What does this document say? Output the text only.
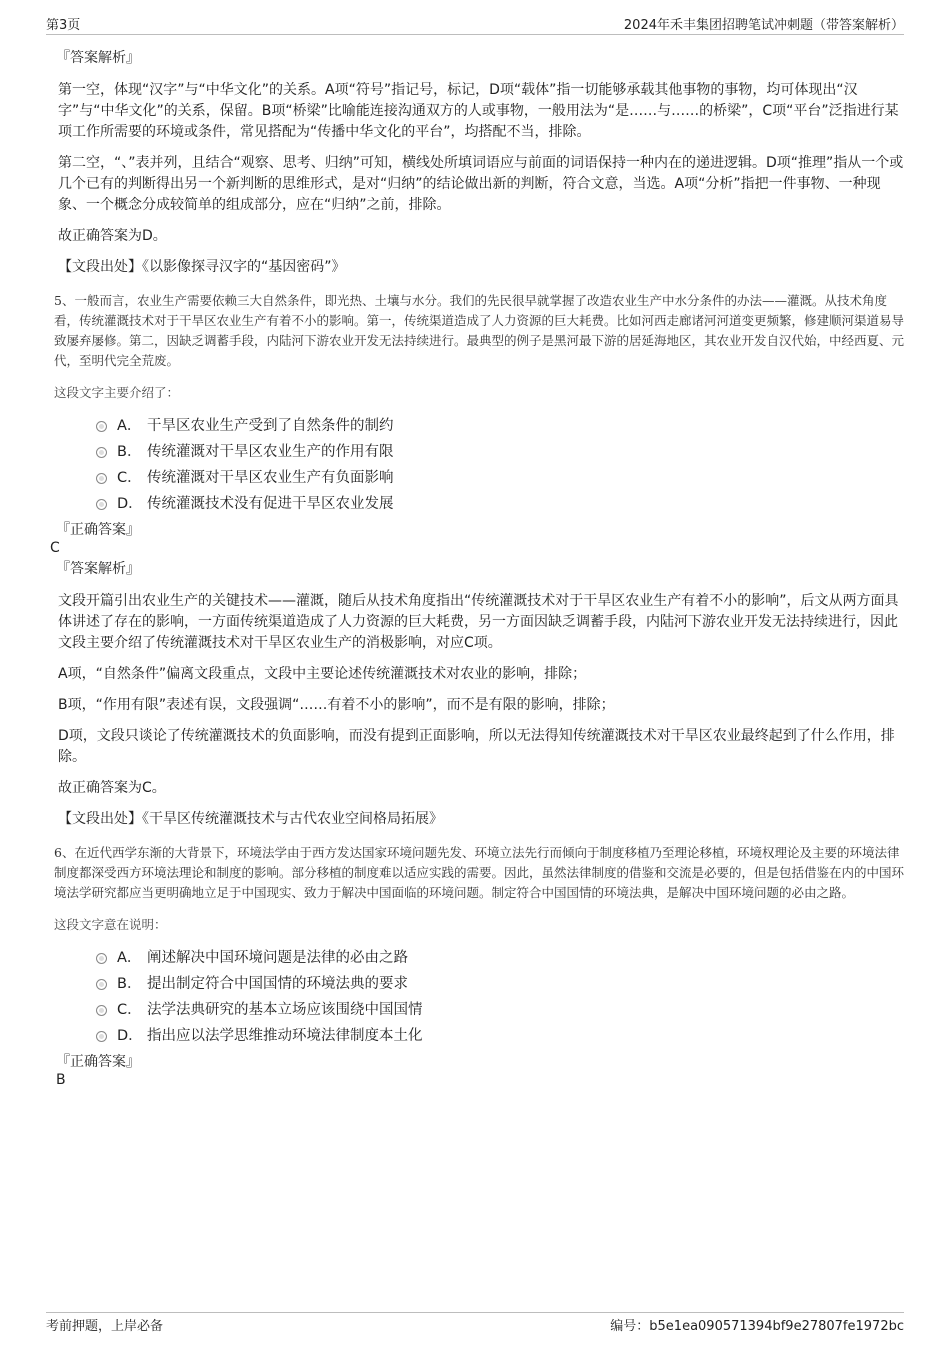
第3页	2024年禾丰集团招聘笔试冲刺题（带答案解析）
『答案解析』

第一空，体现“汉字”与“中华文化”的关系。A项“符号”指记号，标记，D项“载体”指一切能够承载其他事物的事物，均可体现出“汉字”与“中华文化”的关系，保留。B项“桥梁”比喻能连接沟通双方的人或事物，一般用法为“是……与……的桥梁”，C项“平台”泛指进行某项工作所需要的环境或条件，常见搭配为“传播中华文化的平台”，均搭配不当，排除。

第二空，“、”表并列，且结合“观察、思考、归纳”可知，横线处所填词语应与前面的词语保持一种内在的递进逻辑。D项“推理”指从一个或几个已有的判断得出另一个新判断的思维形式，是对“归纳”的结论做出新的判断，符合文意，当选。A项“分析”指把一件事物、一种现象、一个概念分成较简单的组成部分，应在“归纳”之前，排除。

故正确答案为D。

【文段出处】《以影像探寻汉字的“基因密码”》

5、一般而言，农业生产需要依赖三大自然条件，即光热、土壤与水分。我们的先民很早就掌握了改造农业生产中水分条件的办法——灌溉。从技术角度看，传统灌溉技术对于干旱区农业生产有着不小的影响。第一，传统渠道造成了人力资源的巨大耗费。比如河西走廊诸河河道变更频繁，修建顺河渠道易导致屡弃屡修。第二，因缺乏调蓄手段，内陆河下游农业开发无法持续进行。最典型的例子是黑河最下游的居延海地区，其农业开发自汉代始，中经西夏、元代，至明代完全荒废。

这段文字主要介绍了：
A． 干旱区农业生产受到了自然条件的制约
B． 传统灌溉对干旱区农业生产的作用有限
C． 传统灌溉对干旱区农业生产有负面影响
D． 传统灌溉技术没有促进干旱区农业发展
『正确答案』
C
『答案解析』

文段开篇引出农业生产的关键技术——灌溉，随后从技术角度指出“传统灌溉技术对于干旱区农业生产有着不小的影响”，后文从两方面具体讲述了存在的影响，一方面传统渠道造成了人力资源的巨大耗费，另一方面因缺乏调蓄手段，内陆河下游农业开发无法持续进行，因此文段主要介绍了传统灌溉技术对干旱区农业生产的消极影响，对应C项。

A项，“自然条件”偏离文段重点，文段中主要论述传统灌溉技术对农业的影响，排除；

B项，“作用有限”表述有误，文段强调“……有着不小的影响”，而不是有限的影响，排除；

D项，文段只谈论了传统灌溉技术的负面影响，而没有提到正面影响，所以无法得知传统灌溉技术对干旱区农业最终起到了什么作用，排除。

故正确答案为C。

【文段出处】《干旱区传统灌溉技术与古代农业空间格局拓展》

6、在近代西学东渐的大背景下，环境法学由于西方发达国家环境问题先发、环境立法先行而倾向于制度移植乃至理论移植，环境权理论及主要的环境法律制度都深受西方环境法理论和制度的影响。部分移植的制度难以适应实践的需要。因此，虽然法律制度的借鉴和交流是必要的，但是包括借鉴在内的中国环境法学研究都应当更明确地立足于中国现实、致力于解决中国面临的环境问题。制定符合中国国情的环境法典，是解决中国环境问题的必由之路。

这段文字意在说明：
A． 阐述解决中国环境问题是法律的必由之路
B． 提出制定符合中国国情的环境法典的要求
C． 法学法典研究的基本立场应该围绕中国国情
D． 指出应以法学思维推动环境法律制度本土化
『正确答案』
B
考前押题，上岸必备	编号：b5e1ea090571394bf9e27807fe1972bc
